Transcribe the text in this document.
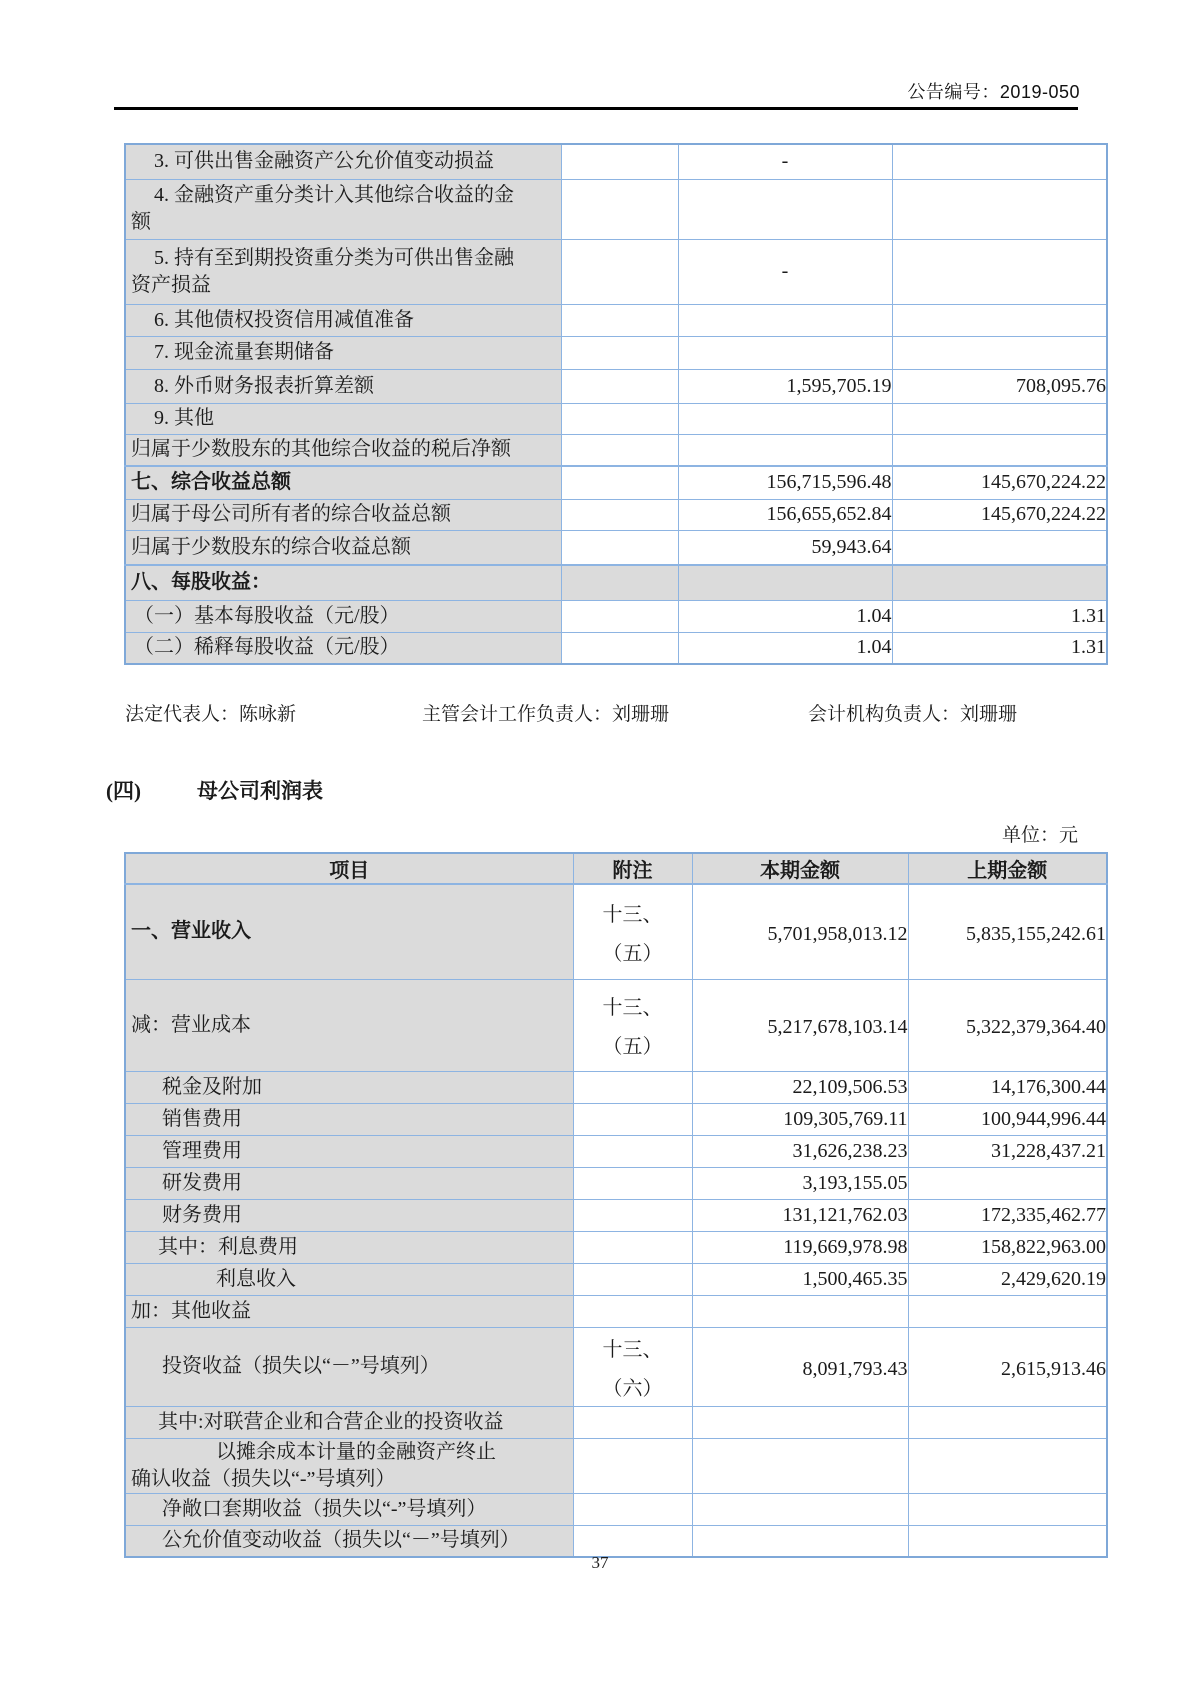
公告编号：2019-050
3. 可供出售金融资产公允价值变动损益		-	

4. 金融资产重分类计入其他综合收益的金
额			

5. 持有至到期投资重分类为可供出售金融
资产损益		-	

6. 其他债权投资信用减值准备			

7. 现金流量套期储备			

8. 外币财务报表折算差额		1,595,705.19	708,095.76

9. 其他			

归属于少数股东的其他综合收益的税后净额			

七、综合收益总额		156,715,596.48	145,670,224.22

归属于母公司所有者的综合收益总额		156,655,652.84	145,670,224.22

归属于少数股东的综合收益总额		59,943.64	

八、每股收益：			

（一）基本每股收益（元/股）		1.04	1.31

（二）稀释每股收益（元/股）		1.04	1.31
法定代表人：陈咏新	主管会计工作负责人：刘珊珊	会计机构负责人：刘珊珊
(四)	母公司利润表
单位：元
项目	附注	本期金额	上期金额

一、营业收入	十三、
（五）	5,701,958,013.12	5,835,155,242.61

减：营业成本	十三、
（五）	5,217,678,103.14	5,322,379,364.40

税金及附加		22,109,506.53	14,176,300.44

销售费用		109,305,769.11	100,944,996.44

管理费用		31,626,238.23	31,228,437.21

研发费用		3,193,155.05	

财务费用		131,121,762.03	172,335,462.77

其中：利息费用		119,669,978.98	158,822,963.00

利息收入		1,500,465.35	2,429,620.19

加：其他收益			

投资收益（损失以“－”号填列）	十三、
（六）	8,091,793.43	2,615,913.46

其中:对联营企业和合营企业的投资收益			

以摊余成本计量的金融资产终止
确认收益（损失以“-”号填列）			

净敞口套期收益（损失以“-”号填列）			

公允价值变动收益（损失以“－”号填列）			

37
